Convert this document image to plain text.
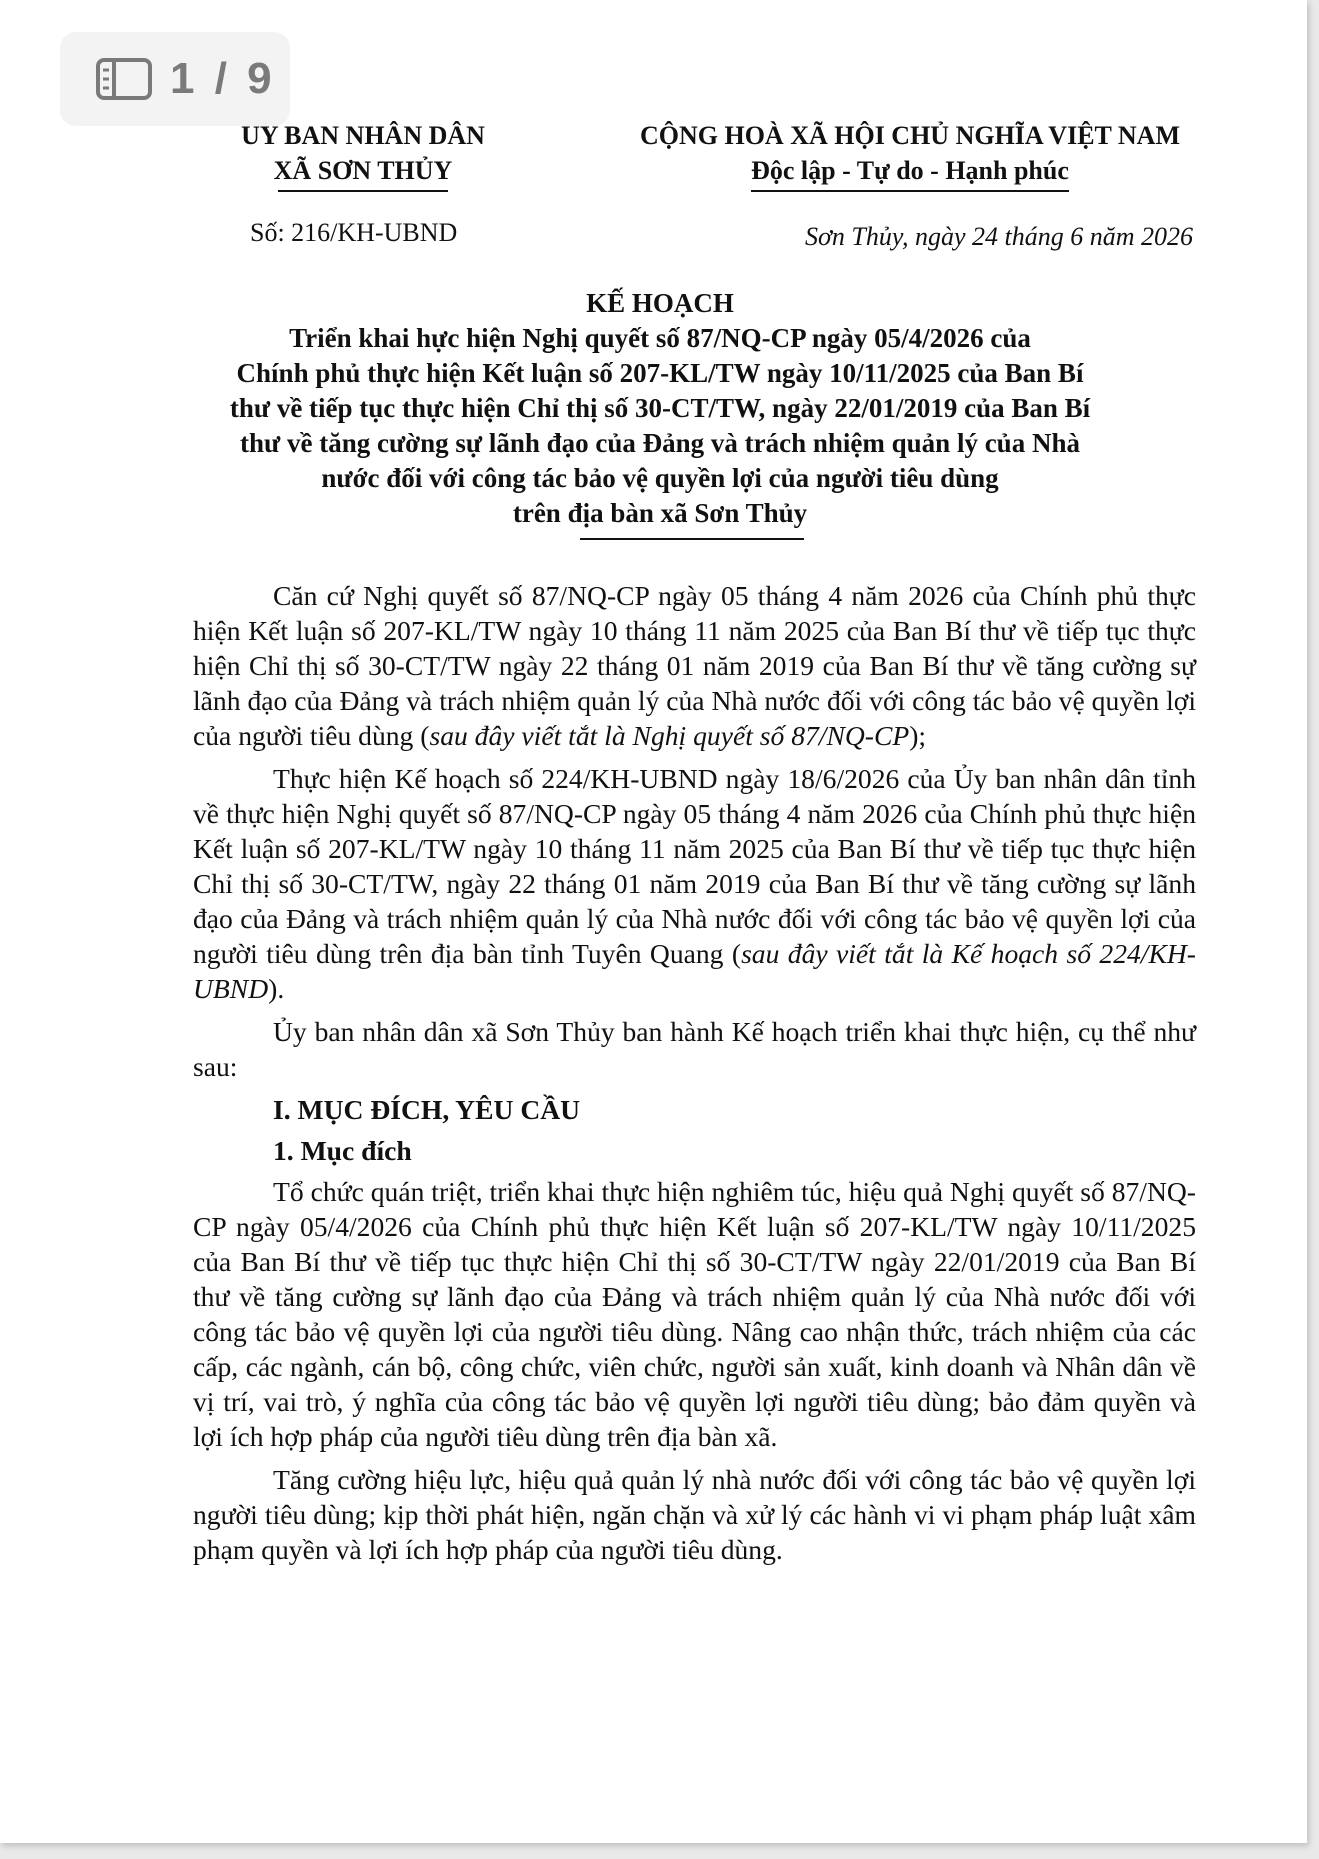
1 / 9
UY BAN NHÂN DÂN
XÃ SƠN THỦY
CỘNG HOÀ XÃ HỘI CHỦ NGHĨA VIỆT NAM
Độc lập - Tự do - Hạnh phúc
Số: 216/KH-UBND	Sơn Thủy, ngày 24 tháng 6 năm 2026
KẾ HOẠCH
Triển khai hực hiện Nghị quyết số 87/NQ-CP ngày 05/4/2026 của
Chính phủ thực hiện Kết luận số 207-KL/TW ngày 10/11/2025 của Ban Bí
thư về tiếp tục thực hiện Chỉ thị số 30-CT/TW, ngày 22/01/2019 của Ban Bí
thư về tăng cường sự lãnh đạo của Đảng và trách nhiệm quản lý của Nhà
nước đối với công tác bảo vệ quyền lợi của người tiêu dùng
trên địa bàn xã Sơn Thủy

Căn cứ Nghị quyết số 87/NQ-CP ngày 05 tháng 4 năm 2026 của Chính phủ thực hiện Kết luận số 207-KL/TW ngày 10 tháng 11 năm 2025 của Ban Bí thư về tiếp tục thực hiện Chỉ thị số 30-CT/TW ngày 22 tháng 01 năm 2019 của Ban Bí thư về tăng cường sự lãnh đạo của Đảng và trách nhiệm quản lý của Nhà nước đối với công tác bảo vệ quyền lợi của người tiêu dùng (sau đây viết tắt là Nghị quyết số 87/NQ-CP);

Thực hiện Kế hoạch số 224/KH-UBND ngày 18/6/2026 của Ủy ban nhân dân tỉnh về thực hiện Nghị quyết số 87/NQ-CP ngày 05 tháng 4 năm 2026 của Chính phủ thực hiện Kết luận số 207-KL/TW ngày 10 tháng 11 năm 2025 của Ban Bí thư về tiếp tục thực hiện Chỉ thị số 30-CT/TW, ngày 22 tháng 01 năm 2019 của Ban Bí thư về tăng cường sự lãnh đạo của Đảng và trách nhiệm quản lý của Nhà nước đối với công tác bảo vệ quyền lợi của người tiêu dùng trên địa bàn tỉnh Tuyên Quang (sau đây viết tắt là Kế hoạch số 224/KH-UBND).

Ủy ban nhân dân xã Sơn Thủy ban hành Kế hoạch triển khai thực hiện, cụ thể như sau:

I. MỤC ĐÍCH, YÊU CẦU

1. Mục đích

Tổ chức quán triệt, triển khai thực hiện nghiêm túc, hiệu quả Nghị quyết số 87/NQ-CP ngày 05/4/2026 của Chính phủ thực hiện Kết luận số 207-KL/TW ngày 10/11/2025 của Ban Bí thư về tiếp tục thực hiện Chỉ thị số 30-CT/TW ngày 22/01/2019 của Ban Bí thư về tăng cường sự lãnh đạo của Đảng và trách nhiệm quản lý của Nhà nước đối với công tác bảo vệ quyền lợi của người tiêu dùng. Nâng cao nhận thức, trách nhiệm của các cấp, các ngành, cán bộ, công chức, viên chức, người sản xuất, kinh doanh và Nhân dân về vị trí, vai trò, ý nghĩa của công tác bảo vệ quyền lợi người tiêu dùng; bảo đảm quyền và lợi ích hợp pháp của người tiêu dùng trên địa bàn xã.

Tăng cường hiệu lực, hiệu quả quản lý nhà nước đối với công tác bảo vệ quyền lợi người tiêu dùng; kịp thời phát hiện, ngăn chặn và xử lý các hành vi vi phạm pháp luật xâm phạm quyền và lợi ích hợp pháp của người tiêu dùng.
